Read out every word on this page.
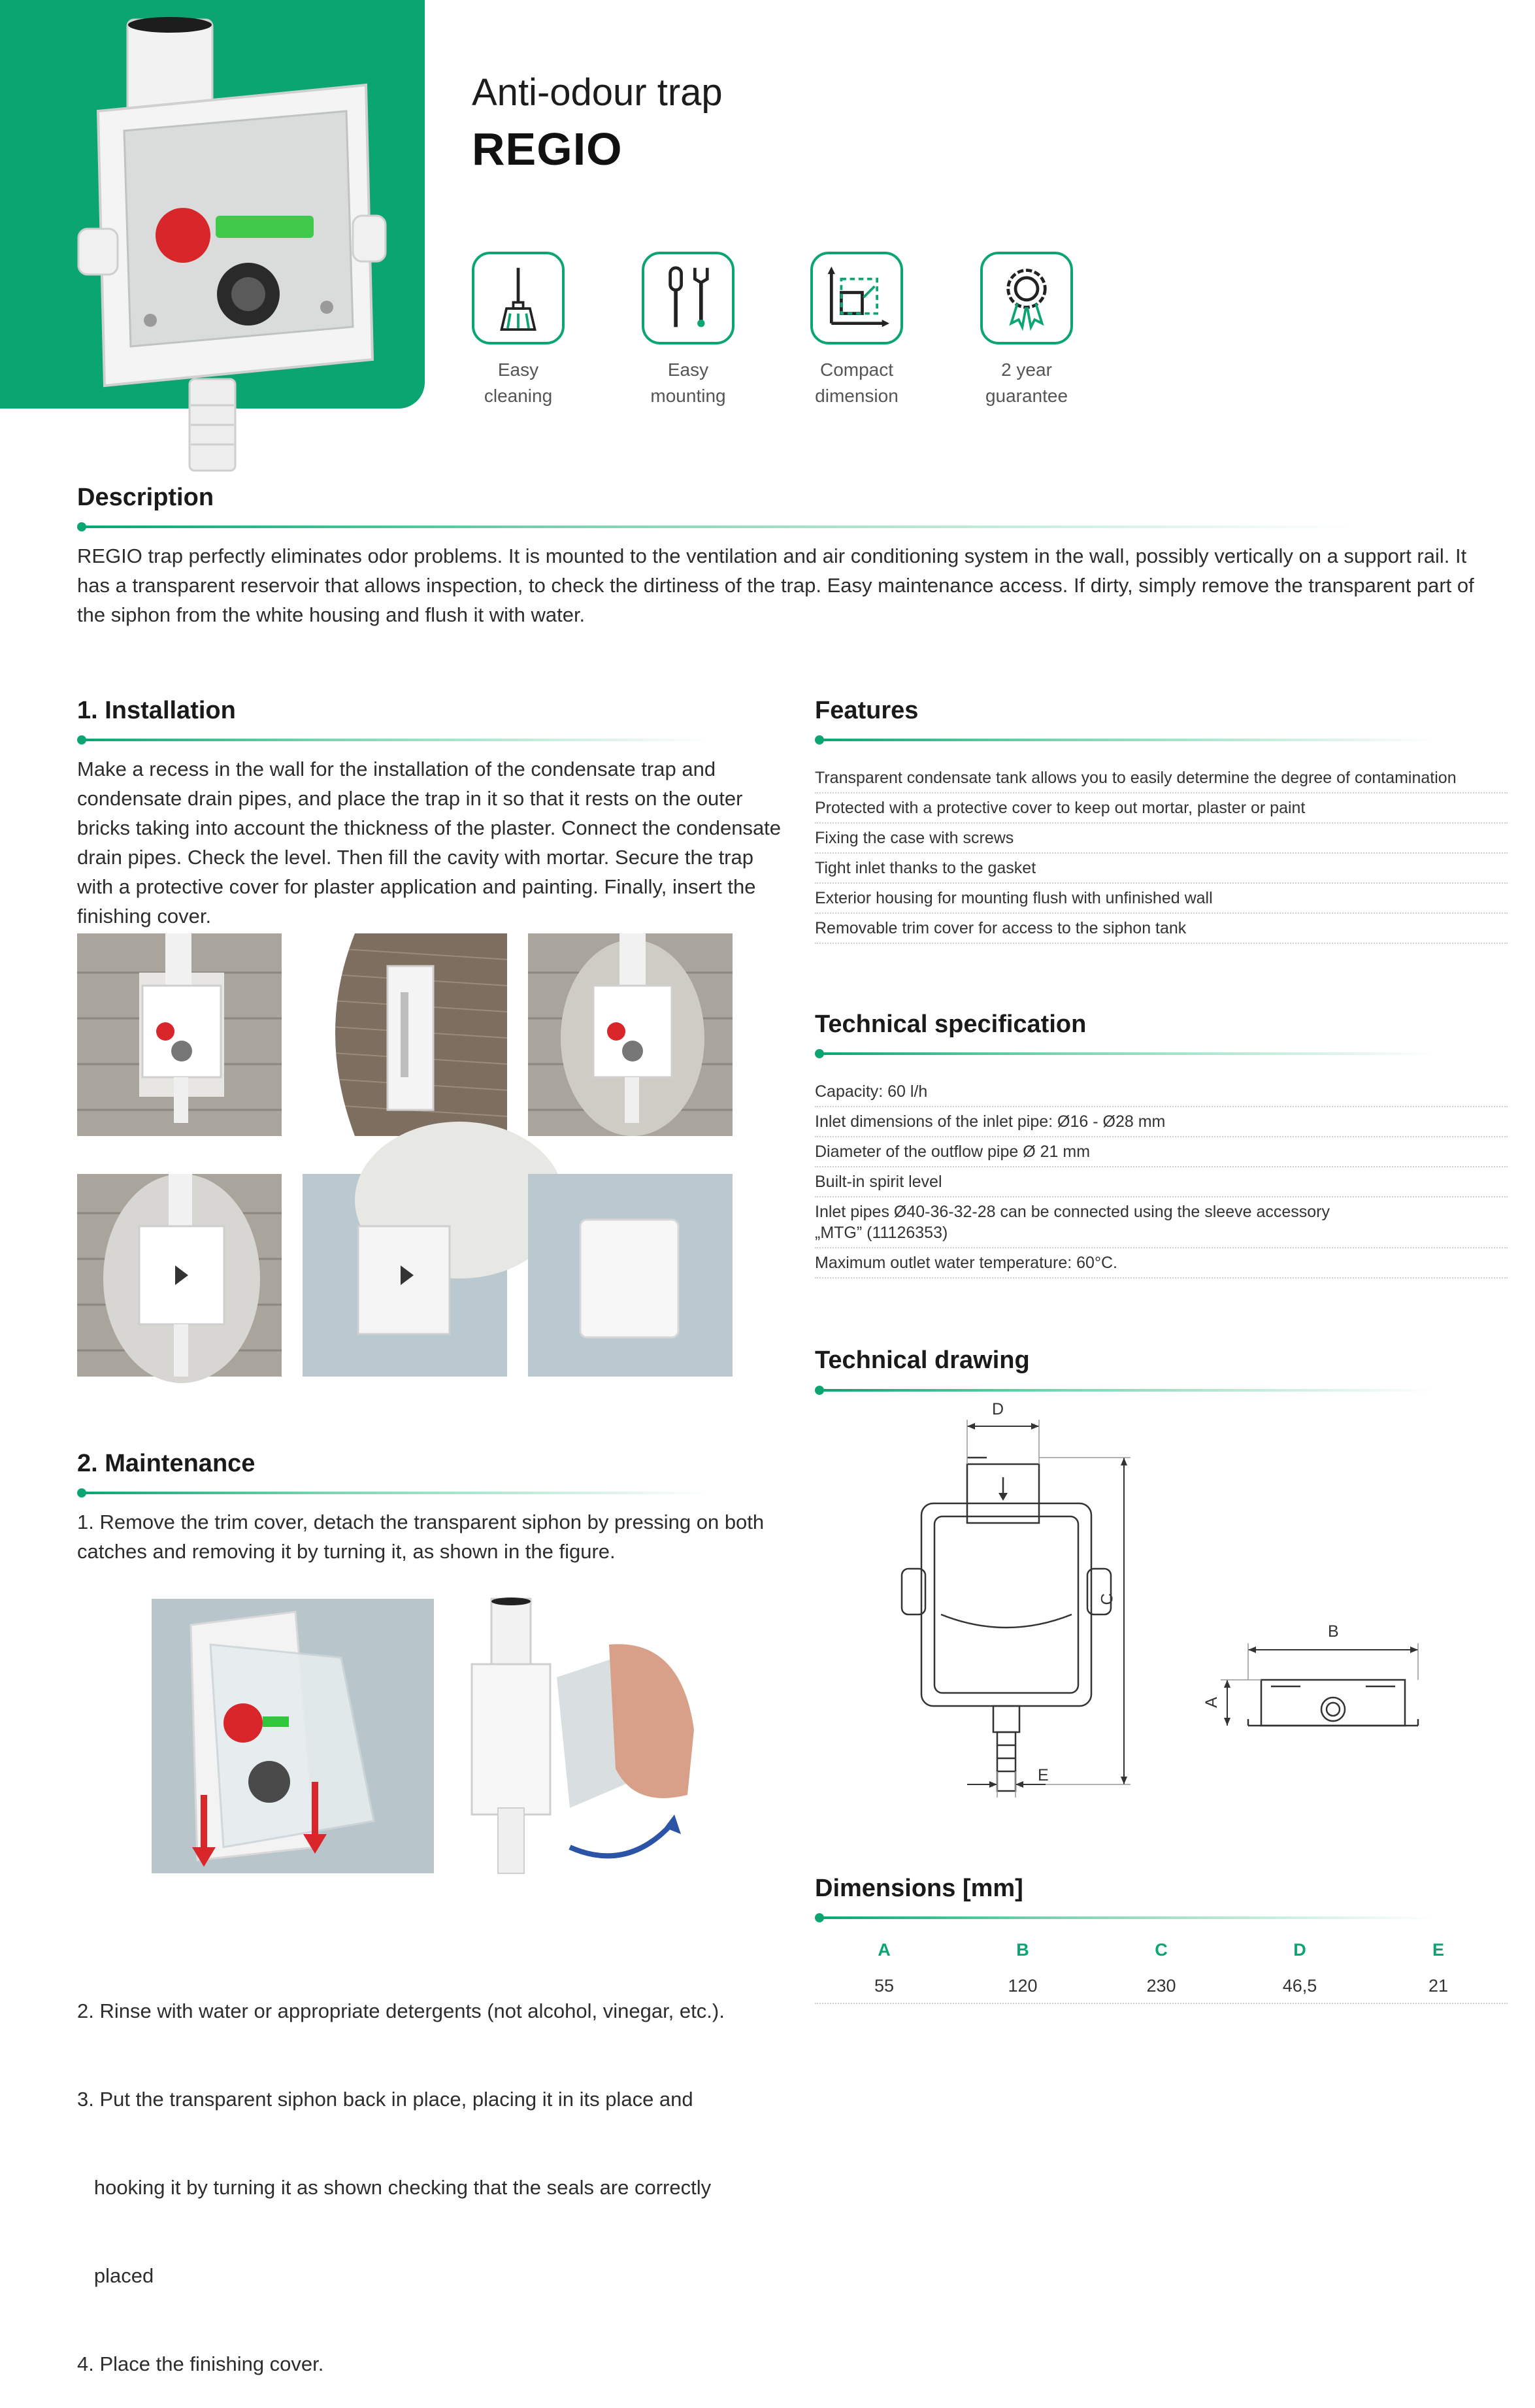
Anti-odour trap
REGIO
Easy
cleaning
Easy
mounting
Compact
dimension
2 year
guarantee
Description
REGIO trap perfectly eliminates odor problems. It is mounted to the ventilation and air conditioning system in the wall, possibly vertically on a support rail. It
has a transparent reservoir that allows inspection, to check the dirtiness of the trap. Easy maintenance access. If dirty, simply remove the transparent part of
the siphon from the white housing and flush it with water.
1. Installation
Make a recess in the wall for the installation of the condensate trap and
condensate drain pipes, and place the trap in it so that it rests on the outer
bricks taking into account the thickness of the plaster. Connect the condensate
drain pipes. Check the level. Then fill the cavity with mortar. Secure the trap
with a protective cover for plaster application and painting. Finally, insert the
finishing cover.
2. Maintenance
1. Remove the trim cover, detach the transparent siphon by pressing on both
catches and removing it by turning it, as shown in the figure.

2. Rinse with water or appropriate detergents (not alcohol, vinegar, etc.).

3. Put the transparent siphon back in place, placing it in its place and

hooking it by turning it as shown checking that the seals are correctly

placed

4. Place the finishing cover.

Features
Transparent condensate tank allows you to easily determine the degree of contamination
Protected with a protective cover to keep out mortar, plaster or paint
Fixing the case with screws
Tight inlet thanks to the gasket
Exterior housing for mounting flush with unfinished wall
Removable trim cover for access to the siphon tank
Technical specification
Capacity: 60 l/h
Inlet dimensions of the inlet pipe: Ø16 - Ø28 mm
Diameter of the outflow pipe Ø 21 mm
Built-in spirit level
Inlet pipes Ø40-36-32-28 can be connected using the sleeve accessory
„MTG” (11126353)
Maximum outlet water temperature: 60°C.
Technical drawing
D
C
E
B
A
Dimensions [mm]
A	B	C	D	E
55	120	230	46,5	21
